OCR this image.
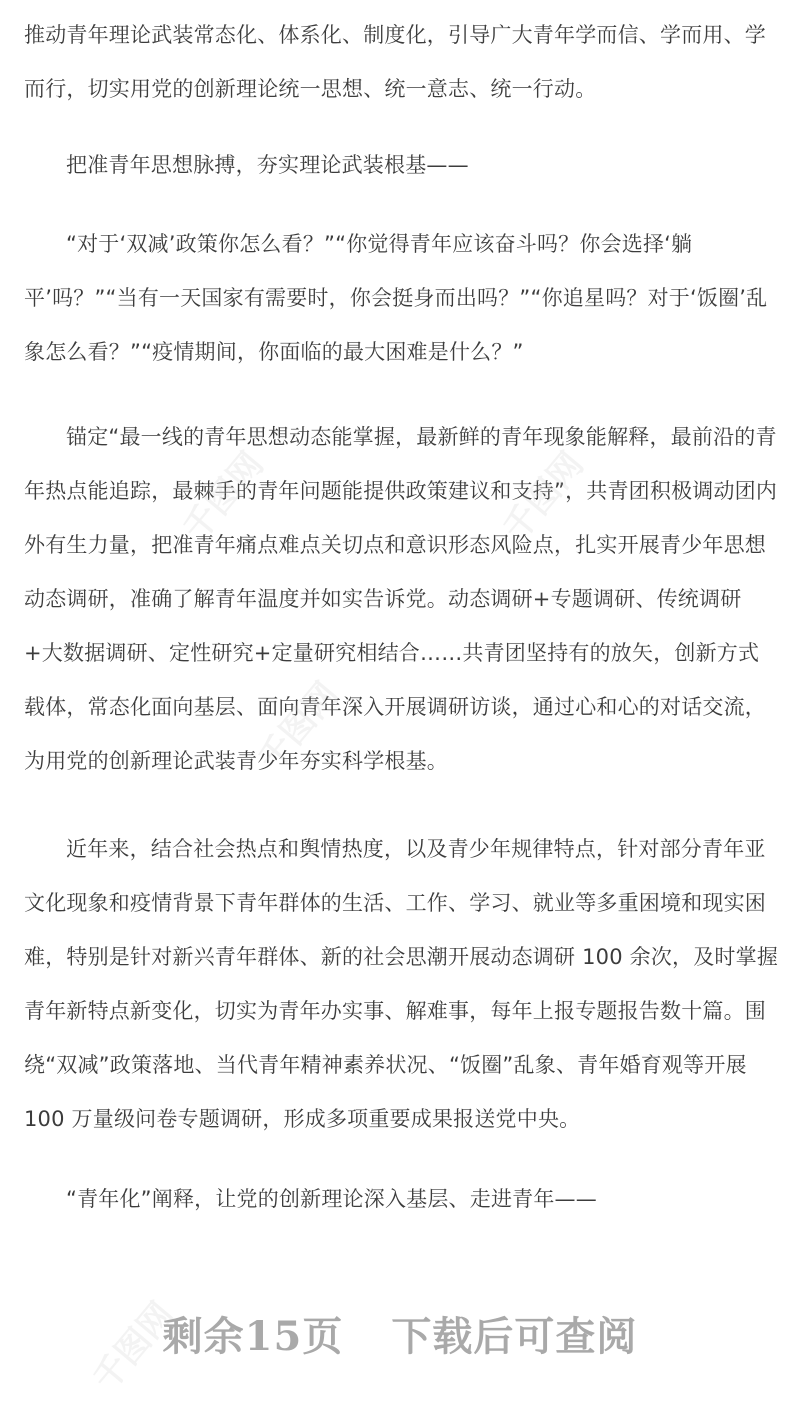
推动青年理论武装常态化、体系化、制度化，引导广大青年学而信、学而用、学而行，切实用党的创新理论统一思想、统一意志、统一行动。

把准青年思想脉搏，夯实理论武装根基——

“对于‘双减’政策你怎么看？”“你觉得青年应该奋斗吗？你会选择‘躺平’吗？”“当有一天国家有需要时，你会挺身而出吗？”“你追星吗？对于‘饭圈’乱象怎么看？”“疫情期间，你面临的最大困难是什么？”

锚定“最一线的青年思想动态能掌握，最新鲜的青年现象能解释，最前沿的青年热点能追踪，最棘手的青年问题能提供政策建议和支持”，共青团积极调动团内外有生力量，把准青年痛点难点关切点和意识形态风险点，扎实开展青少年思想动态调研，准确了解青年温度并如实告诉党。动态调研+专题调研、传统调研+大数据调研、定性研究+定量研究相结合……共青团坚持有的放矢，创新方式载体，常态化面向基层、面向青年深入开展调研访谈，通过心和心的对话交流，为用党的创新理论武装青少年夯实科学根基。

近年来，结合社会热点和舆情热度，以及青少年规律特点，针对部分青年亚文化现象和疫情背景下青年群体的生活、工作、学习、就业等多重困境和现实困难，特别是针对新兴青年群体、新的社会思潮开展动态调研 100 余次，及时掌握青年新特点新变化，切实为青年办实事、解难事，每年上报专题报告数十篇。围绕“双减”政策落地、当代青年精神素养状况、“饭圈”乱象、青年婚育观等开展 100 万量级问卷专题调研，形成多项重要成果报送党中央。

“青年化”阐释，让党的创新理论深入基层、走进青年——

千图网	千图网
千图网
千图网
剩余15页 下载后可查阅
